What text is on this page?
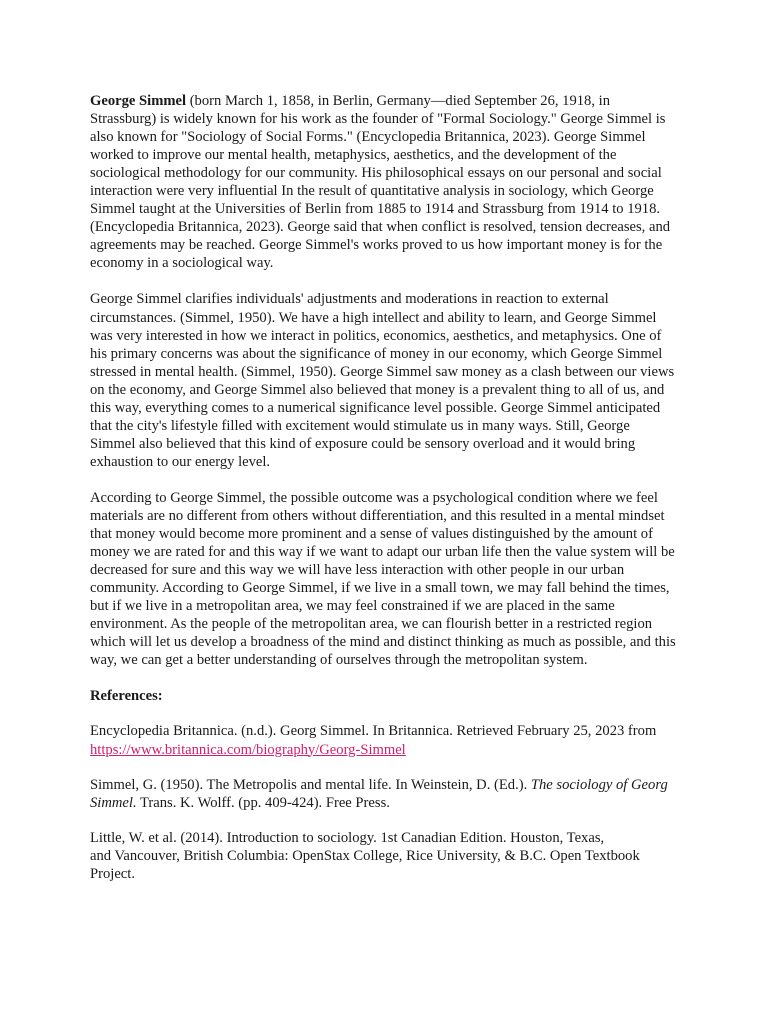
George Simmel (born March 1, 1858, in Berlin, Germany—died September 26, 1918, in Strassburg) is widely known for his work as the founder of "Formal Sociology." George Simmel is also known for "Sociology of Social Forms." (Encyclopedia Britannica, 2023). George Simmel worked to improve our mental health, metaphysics, aesthetics, and the development of the sociological methodology for our community. His philosophical essays on our personal and social interaction were very influential In the result of quantitative analysis in sociology, which George Simmel taught at the Universities of Berlin from 1885 to 1914 and Strassburg from 1914 to 1918. (Encyclopedia Britannica, 2023). George said that when conflict is resolved, tension decreases, and agreements may be reached. George Simmel's works proved to us how important money is for the economy in a sociological way.

George Simmel clarifies individuals' adjustments and moderations in reaction to external circumstances. (Simmel, 1950). We have a high intellect and ability to learn, and George Simmel was very interested in how we interact in politics, economics, aesthetics, and metaphysics. One of his primary concerns was about the significance of money in our economy, which George Simmel stressed in mental health. (Simmel, 1950). George Simmel saw money as a clash between our views on the economy, and George Simmel also believed that money is a prevalent thing to all of us, and this way, everything comes to a numerical significance level possible. George Simmel anticipated that the city's lifestyle filled with excitement would stimulate us in many ways. Still, George Simmel also believed that this kind of exposure could be sensory overload and it would bring exhaustion to our energy level.

According to George Simmel, the possible outcome was a psychological condition where we feel materials are no different from others without differentiation, and this resulted in a mental mindset that money would become more prominent and a sense of values distinguished by the amount of money we are rated for and this way if we want to adapt our urban life then the value system will be decreased for sure and this way we will have less interaction with other people in our urban community. According to George Simmel, if we live in a small town, we may fall behind the times, but if we live in a metropolitan area, we may feel constrained if we are placed in the same environment. As the people of the metropolitan area, we can flourish better in a restricted region which will let us develop a broadness of the mind and distinct thinking as much as possible, and this way, we can get a better understanding of ourselves through the metropolitan system.

References:

Encyclopedia Britannica. (n.d.). Georg Simmel. In Britannica. Retrieved February 25, 2023 from https://www.britannica.com/biography/Georg-Simmel

Simmel, G. (1950). The Metropolis and mental life. In Weinstein, D. (Ed.). The sociology of Georg Simmel. Trans. K. Wolff. (pp. 409-424). Free Press.

Little, W. et al. (2014). Introduction to sociology. 1st Canadian Edition. Houston, Texas,
and Vancouver, British Columbia: OpenStax College, Rice University, & B.C. Open Textbook Project.
